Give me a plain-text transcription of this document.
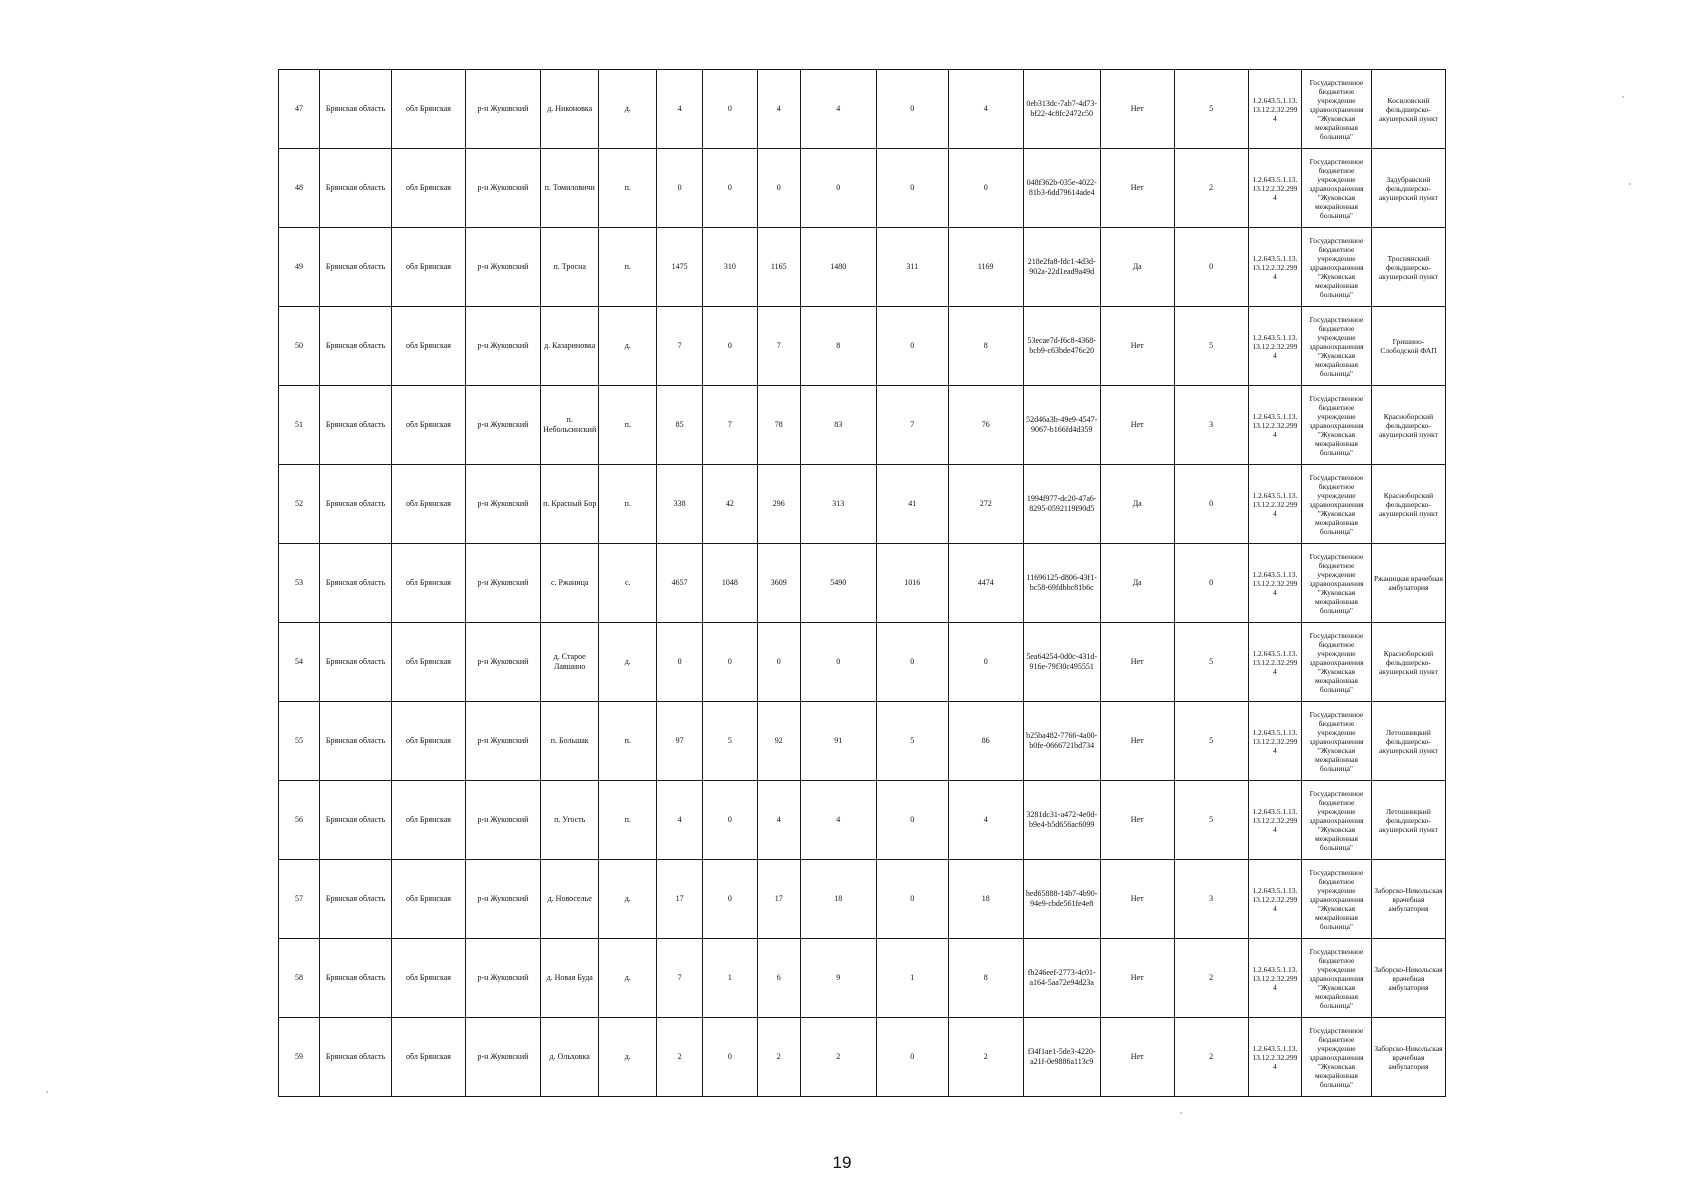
47	Брянская область	обл Брянская	р-н Жуковский	д. Никоновка	д.	4	0	4	4	0	4	0eb313dc-7ab7-4d73-bf22-4c8fc2472c50	Нет	5	1.2.643.5.1.13.13.12.2.32.2994	Государственное бюджетное учреждение здравоохранения "Жуковская межрайонная больница"	Косиловский фельдшерско-акушерский пункт
48	Брянская область	обл Брянская	р-н Жуковский	п. Томиловичи	п.	0	0	0	0	0	0	048f362b-035e-4022-81b3-6dd79614ade4	Нет	2	1.2.643.5.1.13.13.12.2.32.2994	Государственное бюджетное учреждение здравоохранения "Жуковская межрайонная больница"	Задубравский фельдшерско-акушерский пункт
49	Брянская область	обл Брянская	р-н Жуковский	п. Тросна	п.	1475	310	1165	1480	311	1169	218e2fa8-fdc1-4d3d-902a-22d1ead9a49d	Да	0	1.2.643.5.1.13.13.12.2.32.2994	Государственное бюджетное учреждение здравоохранения "Жуковская межрайонная больница"	Троснянский фельдшерско-акушерский пункт
50	Брянская область	обл Брянская	р-н Жуковский	д. Казариновка	д.	7	0	7	8	0	8	53ecae7d-f6c8-4368-bcb9-c63bde476c20	Нет	5	1.2.643.5.1.13.13.12.2.32.2994	Государственное бюджетное учреждение здравоохранения "Жуковская межрайонная больница"	Гришино-Слободской ФАП
51	Брянская область	обл Брянская	р-н Жуковский	п. Небольсинский	п.	85	7	78	83	7	76	52d46a3b-49e9-4547-9067-b166fd4d359	Нет	3	1.2.643.5.1.13.13.12.2.32.2994	Государственное бюджетное учреждение здравоохранения "Жуковская межрайонная больница"	Красноборский фельдшерско-акушерский пункт
52	Брянская область	обл Брянская	р-н Жуковский	п. Красный Бор	п.	338	42	296	313	41	272	1994f977-dc20-47a6-8295-0592119f90d5	Да	0	1.2.643.5.1.13.13.12.2.32.2994	Государственное бюджетное учреждение здравоохранения "Жуковская межрайонная больница"	Красноборский фельдшерско-акушерский пункт
53	Брянская область	обл Брянская	р-н Жуковский	с. Ржаница	с.	4657	1048	3609	5490	1016	4474	11696125-d806-43f1-bc58-69fdbbc81b6c	Да	0	1.2.643.5.1.13.13.12.2.32.2994	Государственное бюджетное учреждение здравоохранения "Жуковская межрайонная больница"	Ржаницкая врачебная амбулатория
54	Брянская область	обл Брянская	р-н Жуковский	д. Старое Лавшино	д.	0	0	0	0	0	0	5ea64254-0d0c-431d-916e-79f30c495551	Нет	5	1.2.643.5.1.13.13.12.2.32.2994	Государственное бюджетное учреждение здравоохранения "Жуковская межрайонная больница"	Красноборский фельдшерско-акушерский пункт
55	Брянская область	обл Брянская	р-н Жуковский	п. Большак	п.	97	5	92	91	5	86	b25ba482-7766-4a00-b0fe-0666721bd734	Нет	5	1.2.643.5.1.13.13.12.2.32.2994	Государственное бюджетное учреждение здравоохранения "Жуковская межрайонная больница"	Летошницкий фельдшерско-акушерский пункт
56	Брянская область	обл Брянская	р-н Жуковский	п. Угость	п.	4	0	4	4	0	4	3281dc31-a472-4e0d-b9e4-b5d656ac6099	Нет	5	1.2.643.5.1.13.13.12.2.32.2994	Государственное бюджетное учреждение здравоохранения "Жуковская межрайонная больница"	Летошницкий фельдшерско-акушерский пункт
57	Брянская область	обл Брянская	р-н Жуковский	д. Новоселье	д.	17	0	17	18	0	18	hed65888-14b7-4b90-94e9-cbde561fe4e8	Нет	3	1.2.643.5.1.13.13.12.2.32.2994	Государственное бюджетное учреждение здравоохранения "Жуковская межрайонная больница"	Заборско-Никольская врачебная амбулатория
58	Брянская область	обл Брянская	р-н Жуковский	д. Новая Буда	д.	7	1	6	9	1	8	fb246eef-2773-4c01-a164-5aa72e94d23a	Нет	2	1.2.643.5.1.13.13.12.2.32.2994	Государственное бюджетное учреждение здравоохранения "Жуковская межрайонная больница"	Заборско-Никольская врачебная амбулатория
59	Брянская область	обл Брянская	р-н Жуковский	д. Ольховка	д.	2	0	2	2	0	2	f34f1ae1-5de3-4220-a21f-0e9886a113c9	Нет	2	1.2.643.5.1.13.13.12.2.32.2994	Государственное бюджетное учреждение здравоохранения "Жуковская межрайонная больница"	Заборско-Никольская врачебная амбулатория
19
